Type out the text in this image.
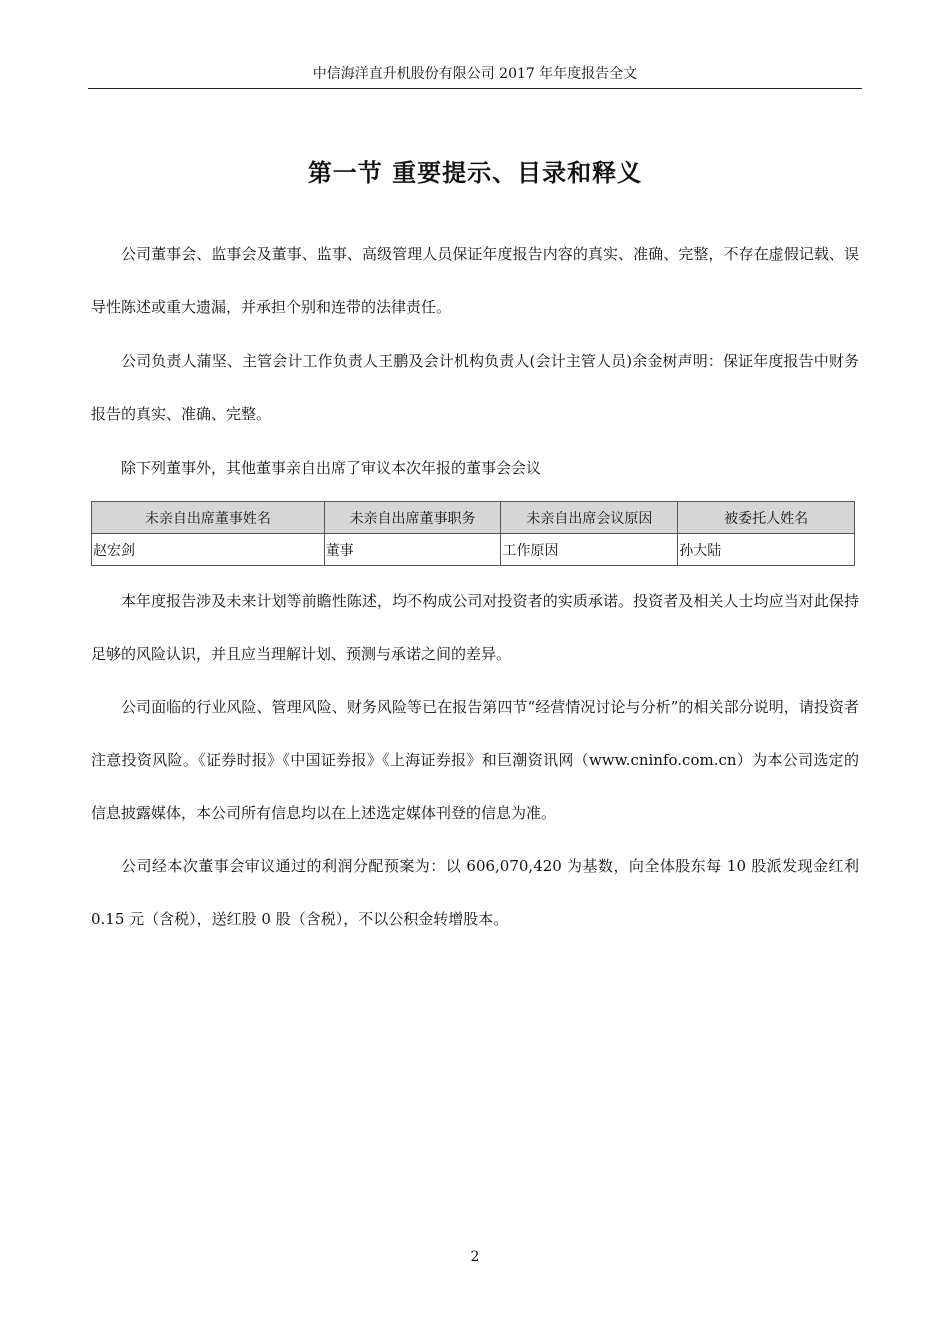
中信海洋直升机股份有限公司 2017 年年度报告全文
第一节 重要提示、目录和释义

公司董事会、监事会及董事、监事、高级管理人员保证年度报告内容的真实、准确、完整，不存在虚假记载、误导性陈述或重大遗漏，并承担个别和连带的法律责任。

公司负责人蒲坚、主管会计工作负责人王鹏及会计机构负责人(会计主管人员)余金树声明：保证年度报告中财务报告的真实、准确、完整。

除下列董事外，其他董事亲自出席了审议本次年报的董事会会议

未亲自出席董事姓名	未亲自出席董事职务	未亲自出席会议原因	被委托人姓名
赵宏剑	董事	工作原因	孙大陆

本年度报告涉及未来计划等前瞻性陈述，均不构成公司对投资者的实质承诺。投资者及相关人士均应当对此保持足够的风险认识，并且应当理解计划、预测与承诺之间的差异。

公司面临的行业风险、管理风险、财务风险等已在报告第四节“经营情况讨论与分析”的相关部分说明，请投资者注意投资风险。《证券时报》《中国证券报》《上海证券报》和巨潮资讯网（www.cninfo.com.cn）为本公司选定的信息披露媒体，本公司所有信息均以在上述选定媒体刊登的信息为准。

公司经本次董事会审议通过的利润分配预案为：以 606,070,420 为基数，向全体股东每 10 股派发现金红利 0.15 元（含税），送红股 0 股（含税），不以公积金转增股本。

2
